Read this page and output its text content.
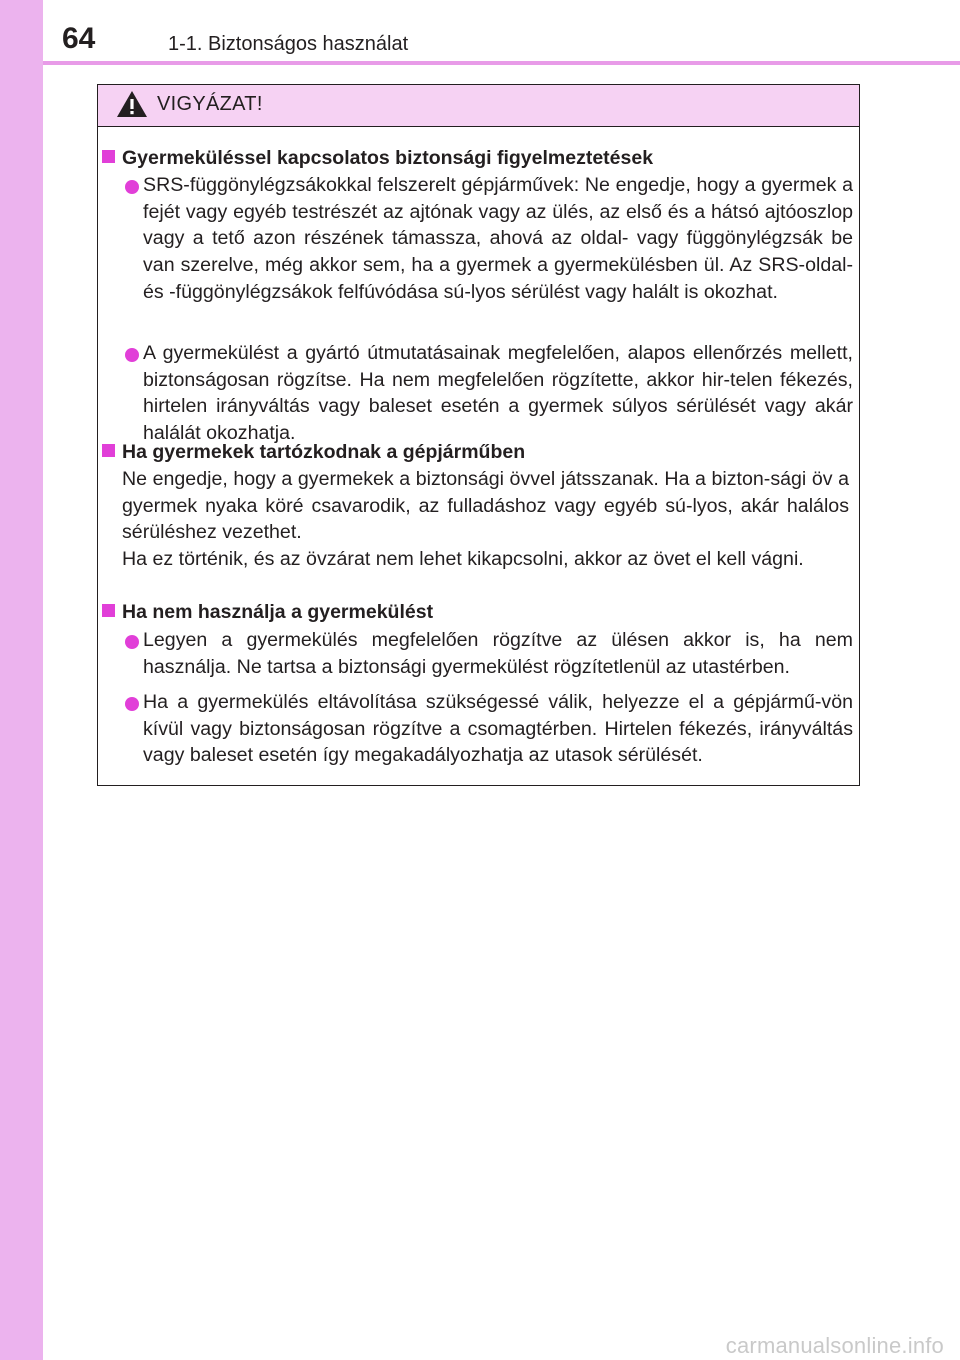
64	1-1. Biztonságos használat
VIGYÁZAT!
Gyermeküléssel kapcsolatos biztonsági figyelmeztetések
SRS-függönylégzsákokkal felszerelt gépjárművek: Ne engedje, hogy a gyermek a fejét vagy egyéb testrészét az ajtónak vagy az ülés, az első és a hátsó ajtóoszlop vagy a tető azon részének támassza, ahová az oldal- vagy függönylégzsák be van szerelve, még akkor sem, ha a gyermek a gyermekülésben ül. Az SRS-oldal- és -függönylégzsákok felfúvódása sú-lyos sérülést vagy halált is okozhat.
A gyermekülést a gyártó útmutatásainak megfelelően, alapos ellenőrzés mellett, biztonságosan rögzítse. Ha nem megfelelően rögzítette, akkor hir-telen fékezés, hirtelen irányváltás vagy baleset esetén a gyermek súlyos sérülését vagy akár halálát okozhatja.
Ha gyermekek tartózkodnak a gépjárműben
Ne engedje, hogy a gyermekek a biztonsági övvel játsszanak. Ha a bizton-sági öv a gyermek nyaka köré csavarodik, az fulladáshoz vagy egyéb sú-lyos, akár halálos sérüléshez vezethet.
Ha ez történik, és az övzárat nem lehet kikapcsolni, akkor az övet el kell vágni.
Ha nem használja a gyermekülést
Legyen a gyermekülés megfelelően rögzítve az ülésen akkor is, ha nem használja. Ne tartsa a biztonsági gyermekülést rögzítetlenül az utastérben.
Ha a gyermekülés eltávolítása szükségessé válik, helyezze el a gépjármű-vön kívül vagy biztonságosan rögzítve a csomagtérben. Hirtelen fékezés, irányváltás vagy baleset esetén így megakadályozhatja az utasok sérülését.
carmanualsonline.info
